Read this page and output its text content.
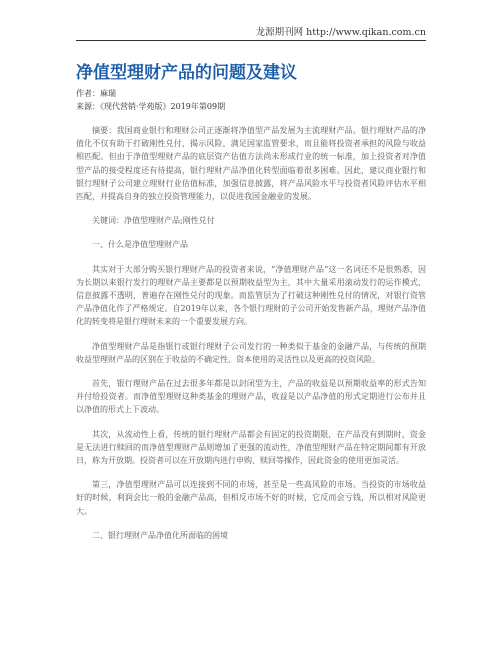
龙源期刊网 http://www.qikan.com.cn
净值型理财产品的问题及建议
作者：麻瑞
来源：《现代营销·学苑版》2019年第09期

摘要：我国商业银行和理财公司正逐渐将净值型产品发展为主流理财产品。银行理财产品的净值化不仅有助于打破刚性兑付，揭示风险，满足国家监管要求，而且能将投资者承担的风险与收益相匹配。但由于净值型理财产品的底层资产估值方法尚未形成行业的统一标准，加上投资者对净值型产品的接受程度还有待提高，银行理财产品净值化转型面临着很多困难。因此，建议商业银行和银行理财子公司建立理财行业估值标准，加强信息披露，将产品风险水平与投资者风险评估水平相匹配，并提高自身的独立投资管理能力，以促进我国金融业的发展。

关键词：净值型理财产品;刚性兑付

一、什么是净值型理财产品

其实对于大部分购买银行理财产品的投资者来说，“净值理财产品”这一名词还不是很熟悉，因为长期以来银行发行的理财产品主要都是以预期收益型为主，其中大量采用滚动发行的运作模式，信息披露不透明，普遍存在刚性兑付的现象。而监管层为了打破这种刚性兑付的情况，对银行资管产品净值化作了严格规定。自2019年以来，各个银行理财的子公司开始发售新产品，理财产品净值化的转变将是银行理财未来的一个重要发展方向。

净值型理财产品是指银行或银行理财子公司发行的一种类似于基金的金融产品，与传统的预期收益型理财产品的区别在于收益的不确定性、资本使用的灵活性以及更高的投资风险。

首先，银行理财产品在过去很多年都是以封闭型为主，产品的收益是以预期收益率的形式告知并付给投资者。而净值型理财这种类基金的理财产品，收益是以产品净值的形式定期进行公布并且以净值的形式上下波动。

其次，从流动性上看，传统的银行理财产品都会有固定的投资期限，在产品没有到期时，资金是无法进行赎回的而净值型理财产品则增加了更强的流动性，净值型理财产品在特定期间都有开放日，称为开放期。投资者可以在开放期内进行申购、赎回等操作，因此资金的使用更加灵活。

第三，净值型理财产品可以连接到不同的市场，甚至是一些高风险的市场。当投资的市场收益好的时候，利润会比一般的金融产品高，但相反市场不好的时候，它反而会亏钱，所以相对风险更大。

二、银行理财产品净值化所面临的困境
